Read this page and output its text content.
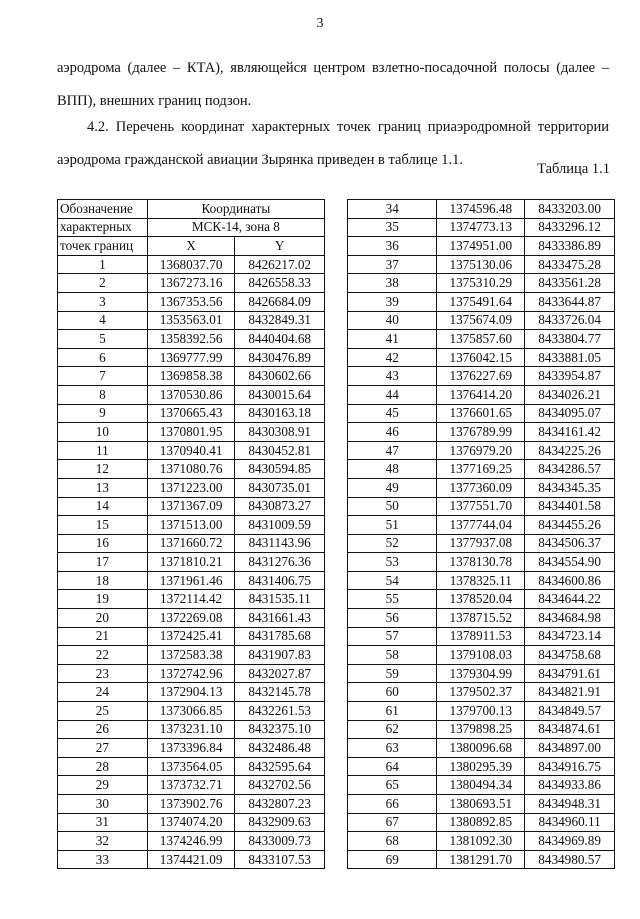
3
аэродрома (далее – КТА), являющейся центром взлетно-посадочной полосы (далее –
ВПП), внешних границ подзон.
4.2. Перечень координат характерных точек границ приаэродромной территории
аэродрома гражданской авиации Зырянка приведен в таблице 1.1.
Таблица 1.1
Обозначение	Координаты	
характерных	МСК-14, зона 8	
точек границ	X	Y
1	1368037.70	8426217.02
2	1367273.16	8426558.33
3	1367353.56	8426684.09
4	1353563.01	8432849.31
5	1358392.56	8440404.68
6	1369777.99	8430476.89
7	1369858.38	8430602.66
8	1370530.86	8430015.64
9	1370665.43	8430163.18
10	1370801.95	8430308.91
11	1370940.41	8430452.81
12	1371080.76	8430594.85
13	1371223.00	8430735.01
14	1371367.09	8430873.27
15	1371513.00	8431009.59
16	1371660.72	8431143.96
17	1371810.21	8431276.36
18	1371961.46	8431406.75
19	1372114.42	8431535.11
20	1372269.08	8431661.43
21	1372425.41	8431785.68
22	1372583.38	8431907.83
23	1372742.96	8432027.87
24	1372904.13	8432145.78
25	1373066.85	8432261.53
26	1373231.10	8432375.10
27	1373396.84	8432486.48
28	1373564.05	8432595.64
29	1373732.71	8432702.56
30	1373902.76	8432807.23
31	1374074.20	8432909.63
32	1374246.99	8433009.73
33	1374421.09	8433107.53
34	1374596.48	8433203.00
35	1374773.13	8433296.12
36	1374951.00	8433386.89
37	1375130.06	8433475.28
38	1375310.29	8433561.28
39	1375491.64	8433644.87
40	1375674.09	8433726.04
41	1375857.60	8433804.77
42	1376042.15	8433881.05
43	1376227.69	8433954.87
44	1376414.20	8434026.21
45	1376601.65	8434095.07
46	1376789.99	8434161.42
47	1376979.20	8434225.26
48	1377169.25	8434286.57
49	1377360.09	8434345.35
50	1377551.70	8434401.58
51	1377744.04	8434455.26
52	1377937.08	8434506.37
53	1378130.78	8434554.90
54	1378325.11	8434600.86
55	1378520.04	8434644.22
56	1378715.52	8434684.98
57	1378911.53	8434723.14
58	1379108.03	8434758.68
59	1379304.99	8434791.61
60	1379502.37	8434821.91
61	1379700.13	8434849.57
62	1379898.25	8434874.61
63	1380096.68	8434897.00
64	1380295.39	8434916.75
65	1380494.34	8434933.86
66	1380693.51	8434948.31
67	1380892.85	8434960.11
68	1381092.30	8434969.89
69	1381291.70	8434980.57
